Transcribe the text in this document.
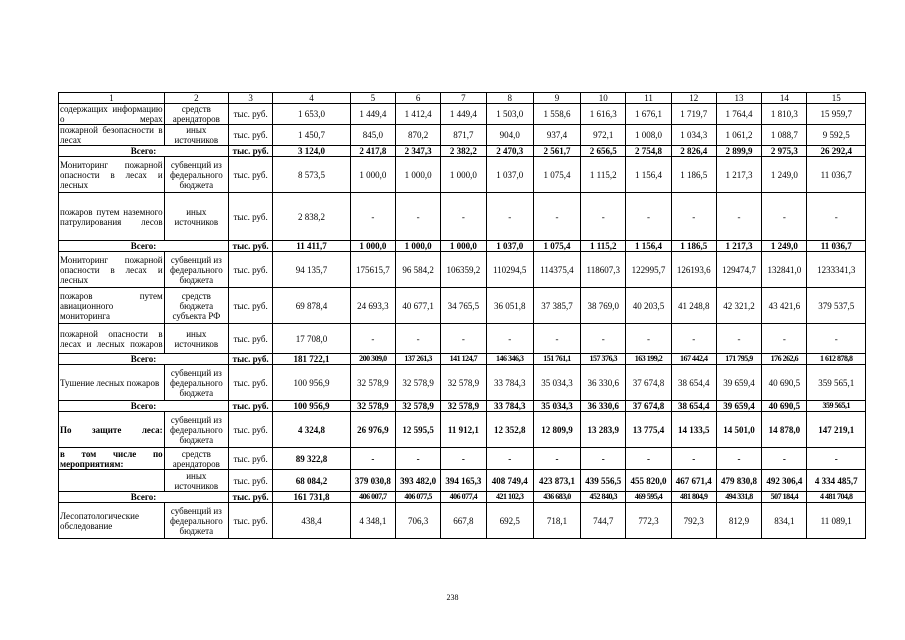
1	2	3	4	5	6	7	8	9	10	11	12	13	14	15
содержащих информацию о мерах	средств арендаторов	тыс. руб.	1 653,0	1 449,4	1 412,4	1 449,4	1 503,0	1 558,6	1 616,3	1 676,1	1 719,7	1 764,4	1 810,3	15 959,7
пожарной безопасности в лесах	иных источников	тыс. руб.	1 450,7	845,0	870,2	871,7	904,0	937,4	972,1	1 008,0	1 034,3	1 061,2	1 088,7	9 592,5
Всего:		тыс. руб.	3 124,0	2 417,8	2 347,3	2 382,2	2 470,3	2 561,7	2 656,5	2 754,8	2 826,4	2 899,9	2 975,3	26 292,4
Мониторинг пожарной опасности в лесах и лесных	субвенций из федерального бюджета	тыс. руб.	8 573,5	1 000,0	1 000,0	1 000,0	1 037,0	1 075,4	1 115,2	1 156,4	1 186,5	1 217,3	1 249,0	11 036,7
пожаров путем наземного патрулирования лесов	иных источников	тыс. руб.	2 838,2	-	-	-	-	-	-	-	-	-	-	-
Всего:		тыс. руб.	11 411,7	1 000,0	1 000,0	1 000,0	1 037,0	1 075,4	1 115,2	1 156,4	1 186,5	1 217,3	1 249,0	11 036,7
Мониторинг пожарной опасности в лесах и лесных	субвенций из федерального бюджета	тыс. руб.	94 135,7	175615,7	96 584,2	106359,2	110294,5	114375,4	118607,3	122995,7	126193,6	129474,7	132841,0	1233341,3
пожаров путем авиационного мониторинга	средств бюджета субъекта РФ	тыс. руб.	69 878,4	24 693,3	40 677,1	34 765,5	36 051,8	37 385,7	38 769,0	40 203,5	41 248,8	42 321,2	43 421,6	379 537,5
пожарной опасности в лесах и лесных пожаров	иных источников	тыс. руб.	17 708,0	-	-	-	-	-	-	-	-	-	-	-
Всего:		тыс. руб.	181 722,1	200 309,0	137 261,3	141 124,7	146 346,3	151 761,1	157 376,3	163 199,2	167 442,4	171 795,9	176 262,6	1 612 878,8
Тушение лесных пожаров	субвенций из федерального бюджета	тыс. руб.	100 956,9	32 578,9	32 578,9	32 578,9	33 784,3	35 034,3	36 330,6	37 674,8	38 654,4	39 659,4	40 690,5	359 565,1
Всего:		тыс. руб.	100 956,9	32 578,9	32 578,9	32 578,9	33 784,3	35 034,3	36 330,6	37 674,8	38 654,4	39 659,4	40 690,5	359 565,1
По защите леса:	субвенций из федерального бюджета	тыс. руб.	4 324,8	26 976,9	12 595,5	11 912,1	12 352,8	12 809,9	13 283,9	13 775,4	14 133,5	14 501,0	14 878,0	147 219,1
в том числе по мероприятиям:	средств арендаторов	тыс. руб.	89 322,8	-	-	-	-	-	-	-	-	-	-	-
	иных источников	тыс. руб.	68 084,2	379 030,8	393 482,0	394 165,3	408 749,4	423 873,1	439 556,5	455 820,0	467 671,4	479 830,8	492 306,4	4 334 485,7
Всего:		тыс. руб.	161 731,8	406 007,7	406 077,5	406 077,4	421 102,3	436 683,0	452 840,3	469 595,4	481 804,9	494 331,8	507 184,4	4 481 704,8
Лесопатологические обследование	субвенций из федерального бюджета	тыс. руб.	438,4	4 348,1	706,3	667,8	692,5	718,1	744,7	772,3	792,3	812,9	834,1	11 089,1
238
